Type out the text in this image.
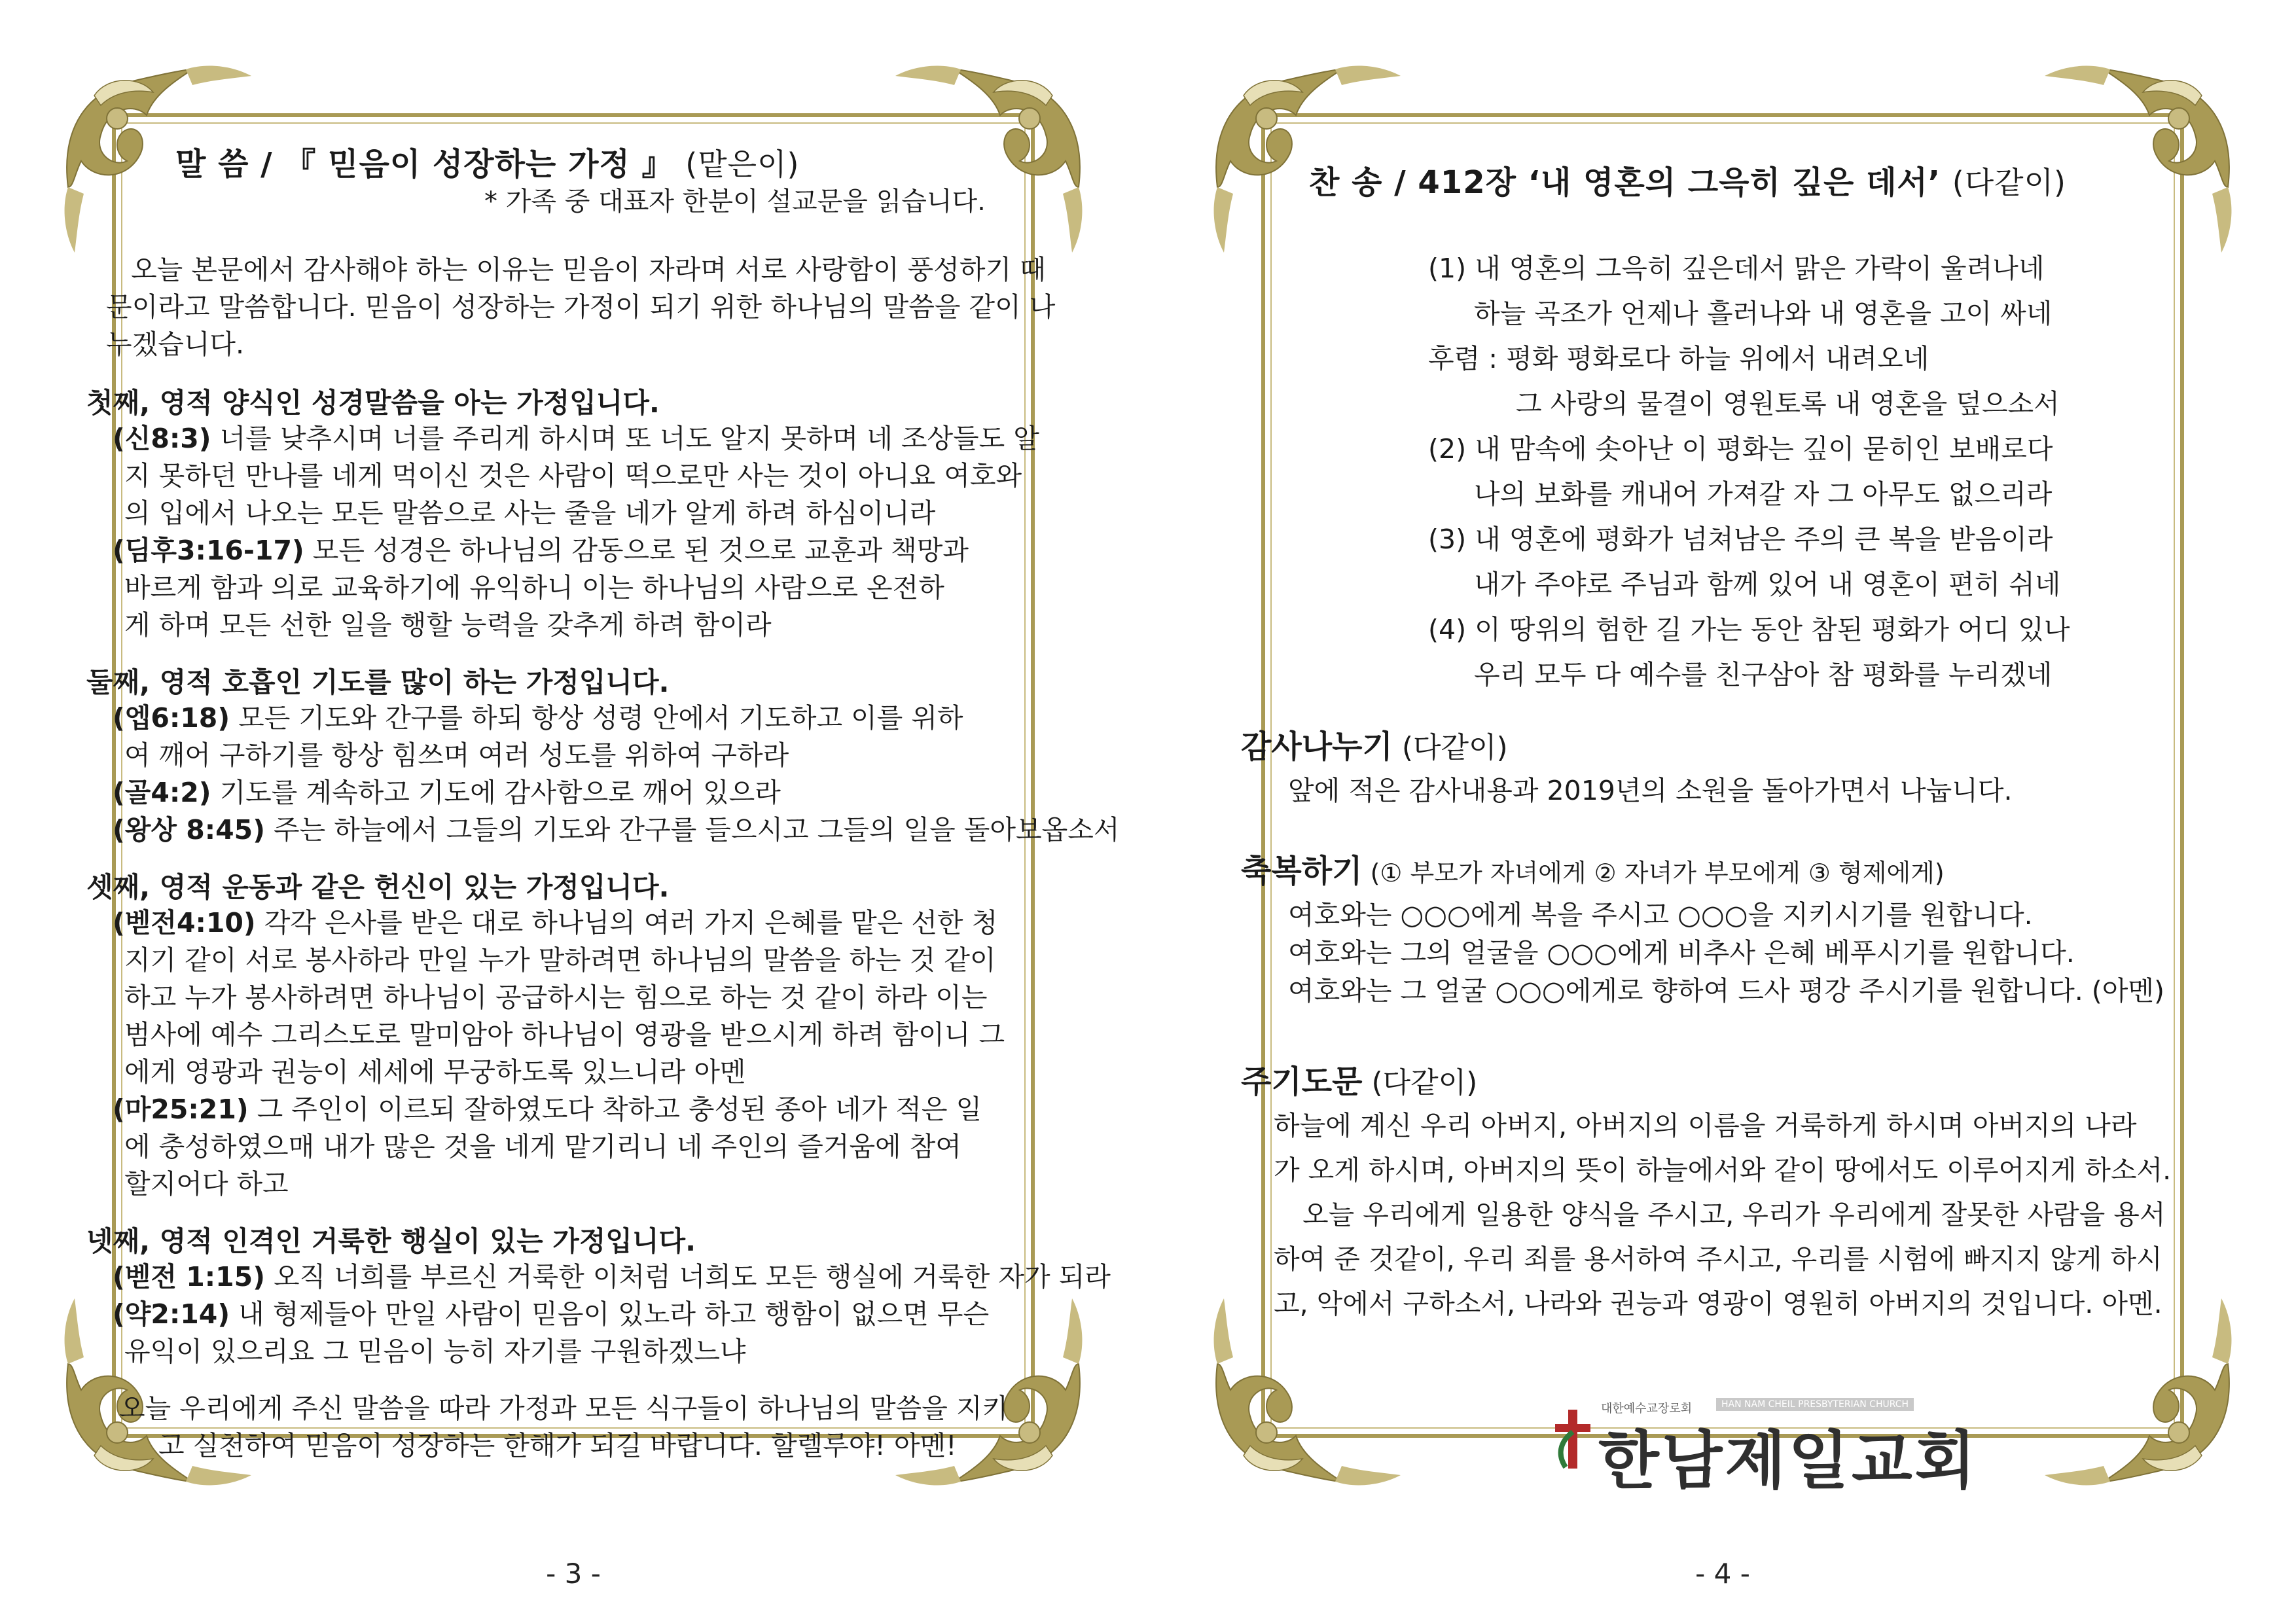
말 씀 / 『 믿음이 성장하는 가정 』 (맡은이)
* 가족 중 대표자 한분이 설교문을 읽습니다.
오늘 본문에서 감사해야 하는 이유는 믿음이 자라며 서로 사랑함이 풍성하기 때
문이라고 말씀합니다. 믿음이 성장하는 가정이 되기 위한 하나님의 말씀을 같이 나
누겠습니다.
첫째, 영적 양식인 성경말씀을 아는 가정입니다.
(신8:3) 너를 낮추시며 너를 주리게 하시며 또 너도 알지 못하며 네 조상들도 알
지 못하던 만나를 네게 먹이신 것은 사람이 떡으로만 사는 것이 아니요 여호와
의 입에서 나오는 모든 말씀으로 사는 줄을 네가 알게 하려 하심이니라
(딤후3:16-17) 모든 성경은 하나님의 감동으로 된 것으로 교훈과 책망과
바르게 함과 의로 교육하기에 유익하니 이는 하나님의 사람으로 온전하
게 하며 모든 선한 일을 행할 능력을 갖추게 하려 함이라
둘째, 영적 호흡인 기도를 많이 하는 가정입니다.
(엡6:18) 모든 기도와 간구를 하되 항상 성령 안에서 기도하고 이를 위하
여 깨어 구하기를 항상 힘쓰며 여러 성도를 위하여 구하라
(골4:2) 기도를 계속하고 기도에 감사함으로 깨어 있으라
(왕상 8:45) 주는 하늘에서 그들의 기도와 간구를 들으시고 그들의 일을 돌아보옵소서
셋째, 영적 운동과 같은 헌신이 있는 가정입니다.
(벧전4:10) 각각 은사를 받은 대로 하나님의 여러 가지 은혜를 맡은 선한 청
지기 같이 서로 봉사하라 만일 누가 말하려면 하나님의 말씀을 하는 것 같이
하고 누가 봉사하려면 하나님이 공급하시는 힘으로 하는 것 같이 하라 이는
범사에 예수 그리스도로 말미암아 하나님이 영광을 받으시게 하려 함이니 그
에게 영광과 권능이 세세에 무궁하도록 있느니라 아멘
(마25:21) 그 주인이 이르되 잘하였도다 착하고 충성된 종아 네가 적은 일
에 충성하였으매 내가 많은 것을 네게 맡기리니 네 주인의 즐거움에 참여
할지어다 하고
넷째, 영적 인격인 거룩한 행실이 있는 가정입니다.
(벧전 1:15) 오직 너희를 부르신 거룩한 이처럼 너희도 모든 행실에 거룩한 자가 되라
(약2:14) 내 형제들아 만일 사람이 믿음이 있노라 하고 행함이 없으면 무슨
유익이 있으리요 그 믿음이 능히 자기를 구원하겠느냐
오늘 우리에게 주신 말씀을 따라 가정과 모든 식구들이 하나님의 말씀을 지키
고 실천하여 믿음이 성장하는 한해가 되길 바랍니다. 할렐루야! 아멘!
- 3 -
찬 송 / 412장 ‘내 영혼의 그윽히 깊은 데서’ (다같이)
(1) 내 영혼의 그윽히 깊은데서 맑은 가락이 울려나네
하늘 곡조가 언제나 흘러나와 내 영혼을 고이 싸네
후렴 : 평화 평화로다 하늘 위에서 내려오네
그 사랑의 물결이 영원토록 내 영혼을 덮으소서
(2) 내 맘속에 솟아난 이 평화는 깊이 묻히인 보배로다
나의 보화를 캐내어 가져갈 자 그 아무도 없으리라
(3) 내 영혼에 평화가 넘쳐남은 주의 큰 복을 받음이라
내가 주야로 주님과 함께 있어 내 영혼이 편히 쉬네
(4) 이 땅위의 험한 길 가는 동안 참된 평화가 어디 있나
우리 모두 다 예수를 친구삼아 참 평화를 누리겠네
감사나누기 (다같이)
앞에 적은 감사내용과 2019년의 소원을 돌아가면서 나눕니다.
축복하기 (① 부모가 자녀에게 ② 자녀가 부모에게 ③ 형제에게)
여호와는 ○○○에게 복을 주시고 ○○○을 지키시기를 원합니다.
여호와는 그의 얼굴을 ○○○에게 비추사 은혜 베푸시기를 원합니다.
여호와는 그 얼굴 ○○○에게로 향하여 드사 평강 주시기를 원합니다. (아멘)
주기도문 (다같이)
하늘에 계신 우리 아버지, 아버지의 이름을 거룩하게 하시며 아버지의 나라
가 오게 하시며, 아버지의 뜻이 하늘에서와 같이 땅에서도 이루어지게 하소서.
오늘 우리에게 일용한 양식을 주시고, 우리가 우리에게 잘못한 사람을 용서
하여 준 것같이, 우리 죄를 용서하여 주시고, 우리를 시험에 빠지지 않게 하시
고, 악에서 구하소서, 나라와 권능과 영광이 영원히 아버지의 것입니다. 아멘.
대한예수교장로회	HAN NAM CHEIL PRESBYTERIAN CHURCH
한남제일교회
- 4 -
